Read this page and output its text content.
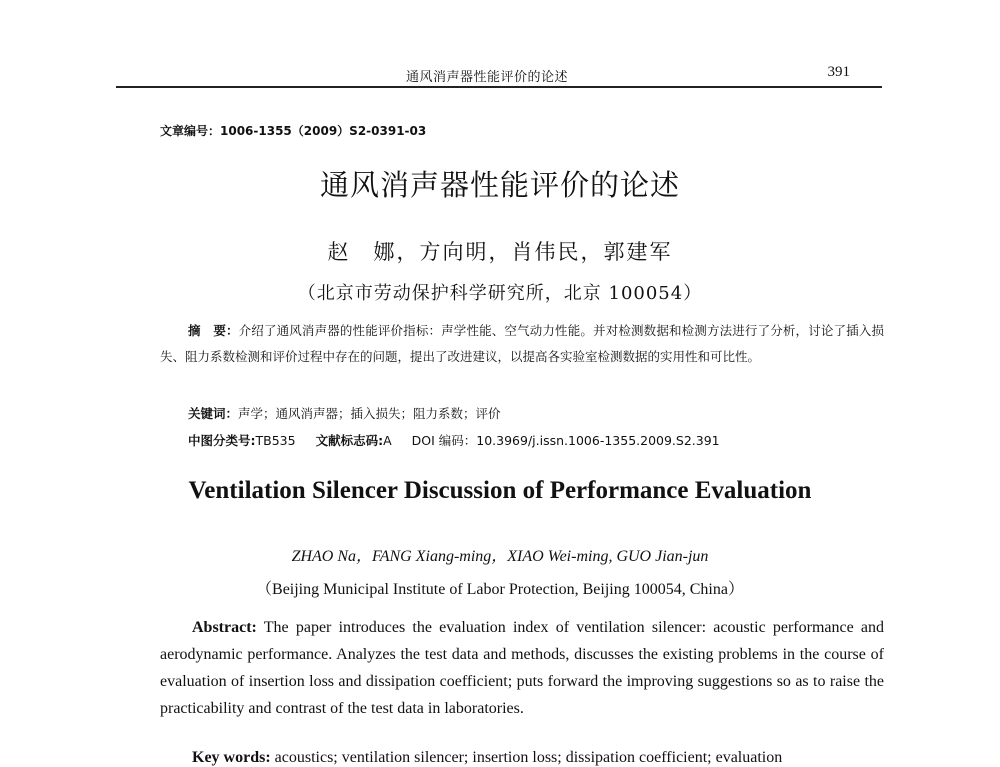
通风消声器性能评价的论述	391
文章编号：1006-1355（2009）S2-0391-03
通风消声器性能评价的论述
赵　娜，方向明，肖伟民，郭建军
（北京市劳动保护科学研究所，北京 100054）
摘　要：介绍了通风消声器的性能评价指标：声学性能、空气动力性能。并对检测数据和检测方法进行了分析，讨论了插入损失、阻力系数检测和评价过程中存在的问题，提出了改进建议，以提高各实验室检测数据的实用性和可比性。
关键词：声学；通风消声器；插入损失；阻力系数；评价
中图分类号:TB535 文献标志码:A DOI 编码：10.3969/j.issn.1006-1355.2009.S2.391
Ventilation Silencer Discussion of Performance Evaluation
ZHAO Na，FANG Xiang-ming，XIAO Wei-ming, GUO Jian-jun
（Beijing Municipal Institute of Labor Protection, Beijing 100054, China）
Abstract: The paper introduces the evaluation index of ventilation silencer: acoustic performance and aerodynamic performance. Analyzes the test data and methods, discusses the existing problems in the course of evaluation of insertion loss and dissipation coefficient; puts forward the improving suggestions so as to raise the practicability and contrast of the test data in laboratories.
Key words: acoustics; ventilation silencer; insertion loss; dissipation coefficient; evaluation
